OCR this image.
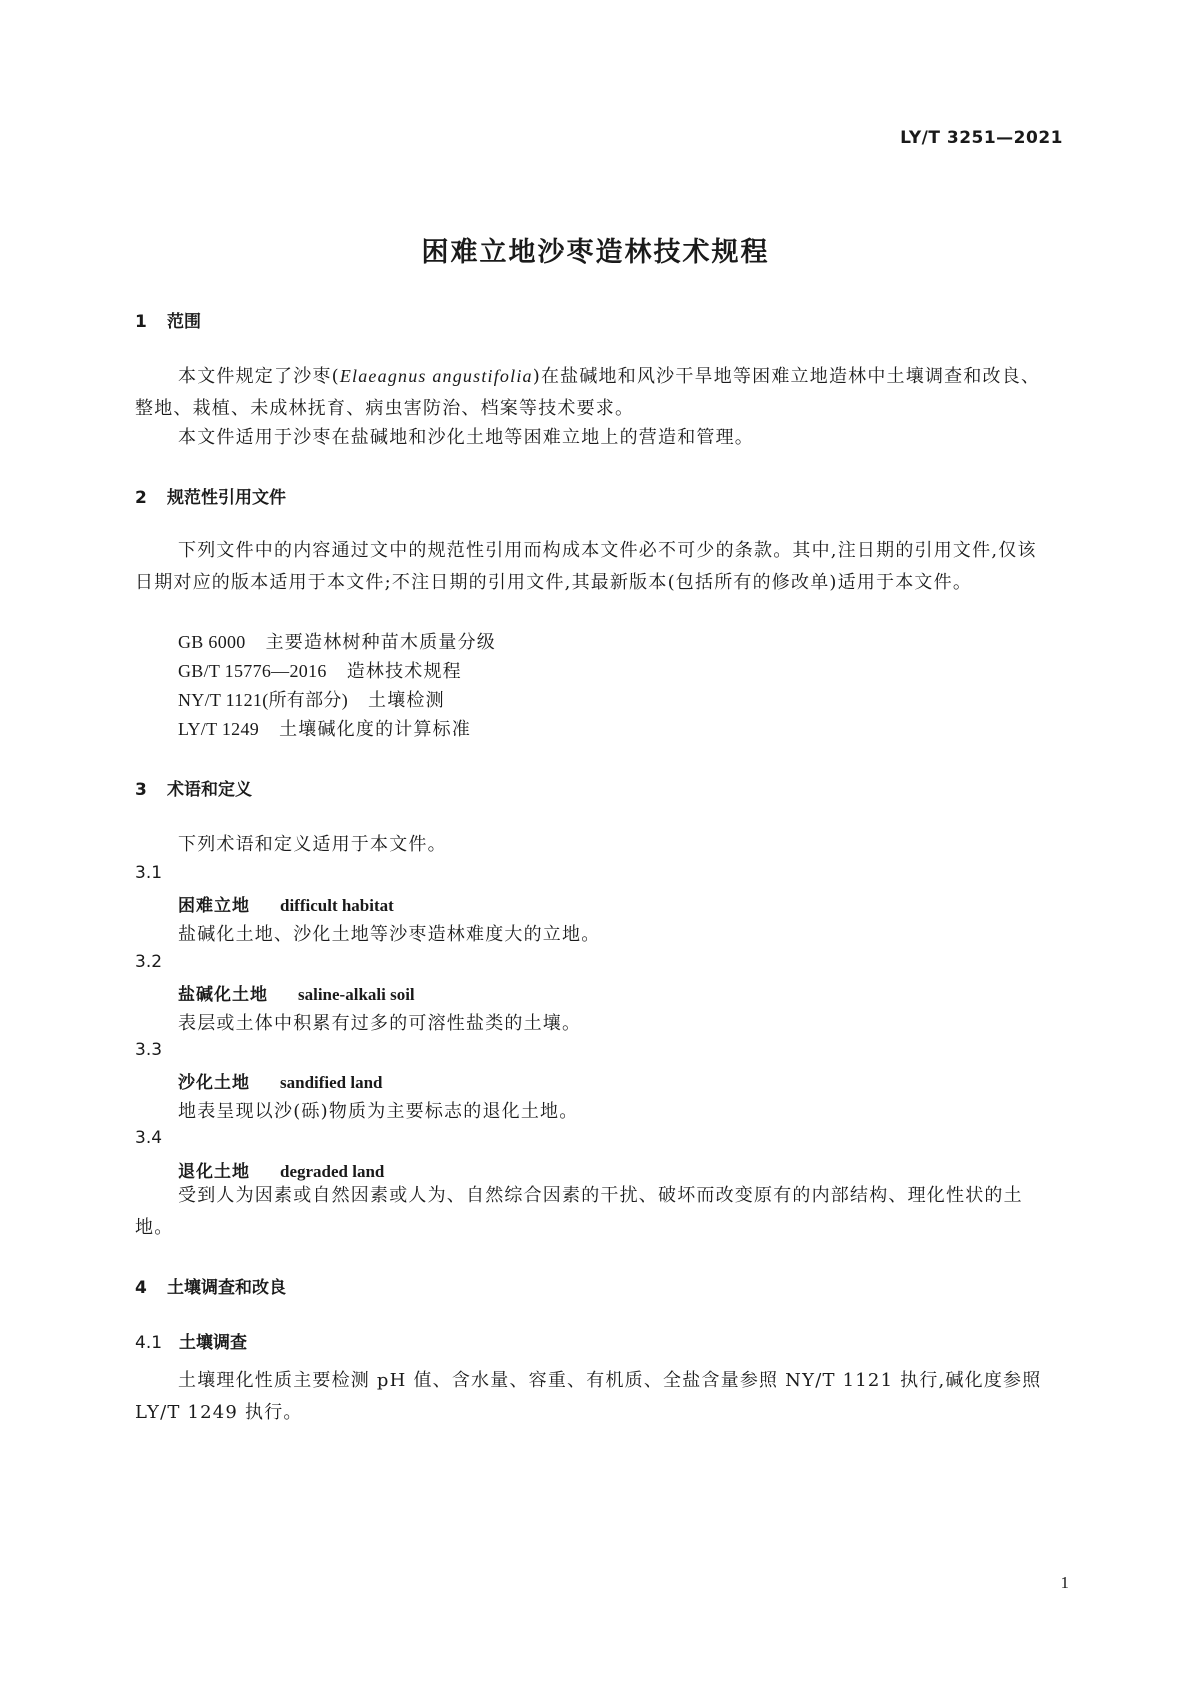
LY/T 3251—2021
困难立地沙枣造林技术规程
1 范围
本文件规定了沙枣(Elaeagnus angustifolia)在盐碱地和风沙干旱地等困难立地造林中土壤调查和改良、整地、栽植、未成林抚育、病虫害防治、档案等技术要求。
本文件适用于沙枣在盐碱地和沙化土地等困难立地上的营造和管理。
2 规范性引用文件
下列文件中的内容通过文中的规范性引用而构成本文件必不可少的条款。其中,注日期的引用文件,仅该日期对应的版本适用于本文件;不注日期的引用文件,其最新版本(包括所有的修改单)适用于本文件。
GB 6000 主要造林树种苗木质量分级
GB/T 15776—2016 造林技术规程
NY/T 1121(所有部分) 土壤检测
LY/T 1249 土壤碱化度的计算标准
3 术语和定义
下列术语和定义适用于本文件。
3.1
困难立地 difficult habitat
盐碱化土地、沙化土地等沙枣造林难度大的立地。
3.2
盐碱化土地 saline-alkali soil
表层或土体中积累有过多的可溶性盐类的土壤。
3.3
沙化土地 sandified land
地表呈现以沙(砾)物质为主要标志的退化土地。
3.4
退化土地 degraded land
受到人为因素或自然因素或人为、自然综合因素的干扰、破坏而改变原有的内部结构、理化性状的土地。
4 土壤调查和改良
4.1 土壤调查
土壤理化性质主要检测 pH 值、含水量、容重、有机质、全盐含量参照 NY/T 1121 执行,碱化度参照 LY/T 1249 执行。
1
